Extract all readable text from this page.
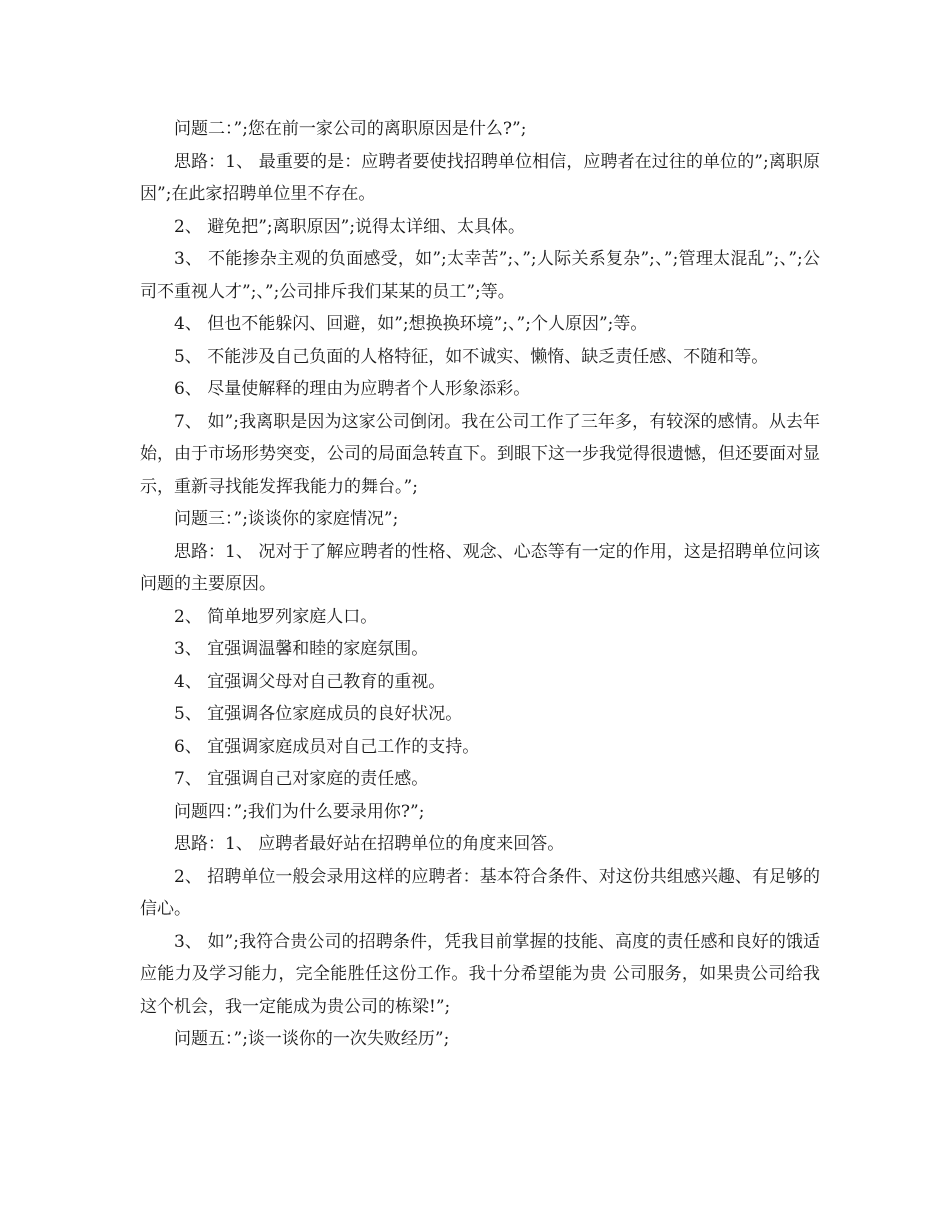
问题二：”;您在前一家公司的离职原因是什么?”;

思路：1、 最重要的是：应聘者要使找招聘单位相信，应聘者在过往的单位的”;离职原因”;在此家招聘单位里不存在。

2、 避免把”;离职原因”;说得太详细、太具体。

3、 不能掺杂主观的负面感受，如”;太幸苦”;、”;人际关系复杂”;、”;管理太混乱”;、”;公司不重视人才”;、”;公司排斥我们某某的员工”;等。

4、 但也不能躲闪、回避，如”;想换换环境”;、”;个人原因”;等。

5、 不能涉及自己负面的人格特征，如不诚实、懒惰、缺乏责任感、不随和等。

6、 尽量使解释的理由为应聘者个人形象添彩。

7、 如”;我离职是因为这家公司倒闭。我在公司工作了三年多，有较深的感情。从去年始，由于市场形势突变，公司的局面急转直下。到眼下这一步我觉得很遗憾，但还要面对显示，重新寻找能发挥我能力的舞台。”;

问题三：”;谈谈你的家庭情况”;

思路：1、 况对于了解应聘者的性格、观念、心态等有一定的作用，这是招聘单位问该问题的主要原因。

2、 简单地罗列家庭人口。

3、 宜强调温馨和睦的家庭氛围。

4、 宜强调父母对自己教育的重视。

5、 宜强调各位家庭成员的良好状况。

6、 宜强调家庭成员对自己工作的支持。

7、 宜强调自己对家庭的责任感。

问题四：”;我们为什么要录用你?”;

思路：1、 应聘者最好站在招聘单位的角度来回答。

2、 招聘单位一般会录用这样的应聘者：基本符合条件、对这份共组感兴趣、有足够的信心。

3、 如”;我符合贵公司的招聘条件，凭我目前掌握的技能、高度的责任感和良好的饿适应能力及学习能力，完全能胜任这份工作。我十分希望能为贵 公司服务，如果贵公司给我这个机会，我一定能成为贵公司的栋梁!”;

问题五：”;谈一谈你的一次失败经历”;
